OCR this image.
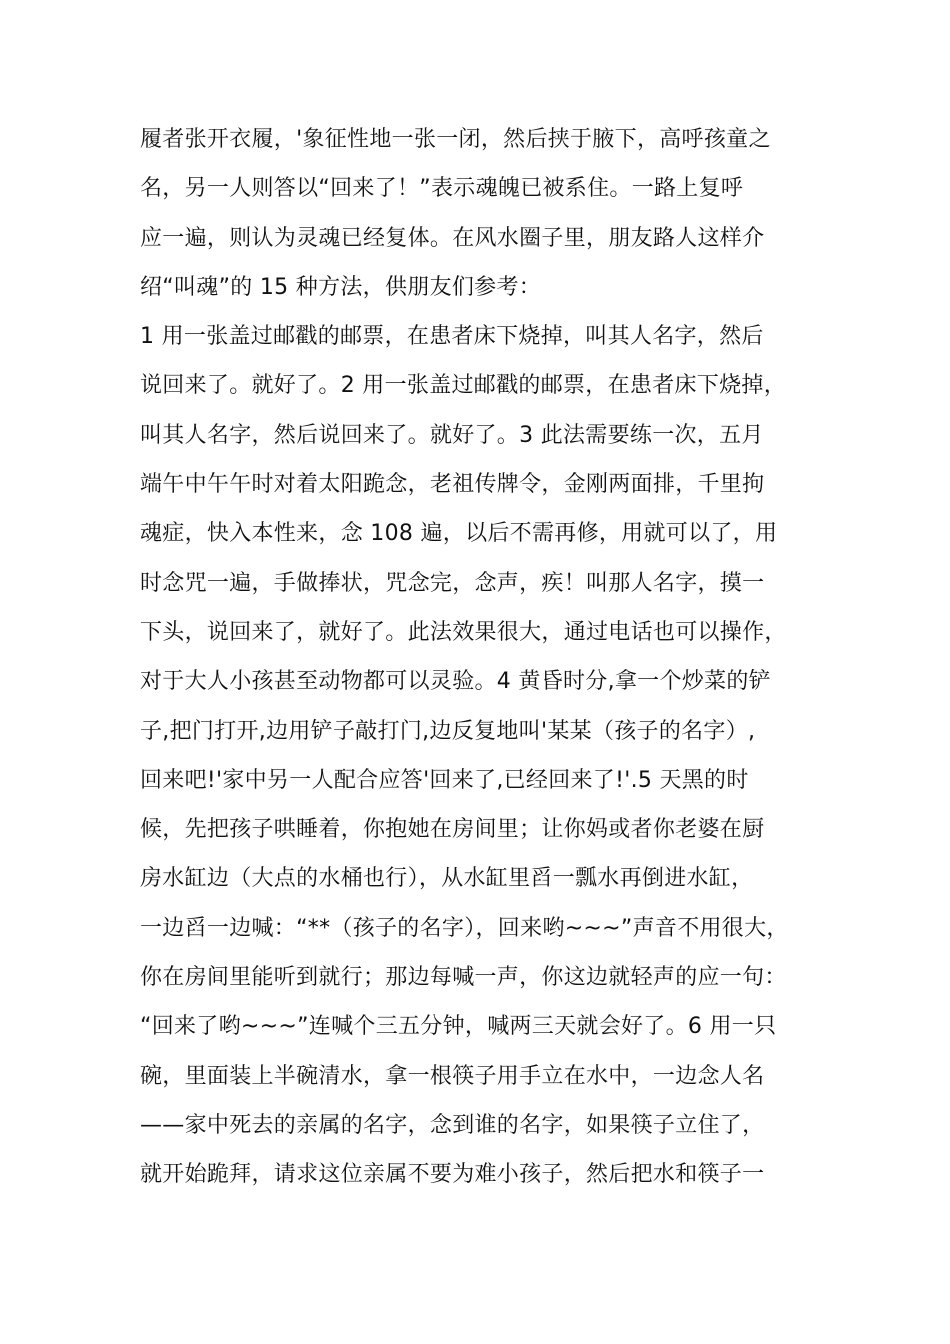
履者张开衣履，'象征性地一张一闭，然后挟于腋下，高呼孩童之
名，另一人则答以“回来了！”表示魂魄已被系住。一路上复呼
应一遍，则认为灵魂已经复体。在风水圈子里，朋友路人这样介
绍“叫魂”的 15 种方法，供朋友们参考：
1 用一张盖过邮戳的邮票，在患者床下烧掉，叫其人名字，然后
说回来了。就好了。2 用一张盖过邮戳的邮票，在患者床下烧掉，
叫其人名字，然后说回来了。就好了。3 此法需要练一次，五月
端午中午午时对着太阳跪念，老祖传牌令，金刚两面排，千里拘
魂症，快入本性来，念 108 遍，以后不需再修，用就可以了，用
时念咒一遍，手做捧状，咒念完，念声，疾！叫那人名字，摸一
下头，说回来了，就好了。此法效果很大，通过电话也可以操作，
对于大人小孩甚至动物都可以灵验。4 黄昏时分,拿一个炒菜的铲
子,把门打开,边用铲子敲打门,边反复地叫'某某（孩子的名字）,
回来吧!'家中另一人配合应答'回来了,已经回来了!'.5 天黑的时
候，先把孩子哄睡着，你抱她在房间里；让你妈或者你老婆在厨
房水缸边（大点的水桶也行），从水缸里舀一瓢水再倒进水缸，
一边舀一边喊：“**（孩子的名字），回来哟~~~”声音不用很大，
你在房间里能听到就行；那边每喊一声，你这边就轻声的应一句：
“回来了哟~~~”连喊个三五分钟，喊两三天就会好了。6 用一只
碗，里面装上半碗清水，拿一根筷子用手立在水中，一边念人名
——家中死去的亲属的名字，念到谁的名字，如果筷子立住了，
就开始跪拜，请求这位亲属不要为难小孩子，然后把水和筷子一
